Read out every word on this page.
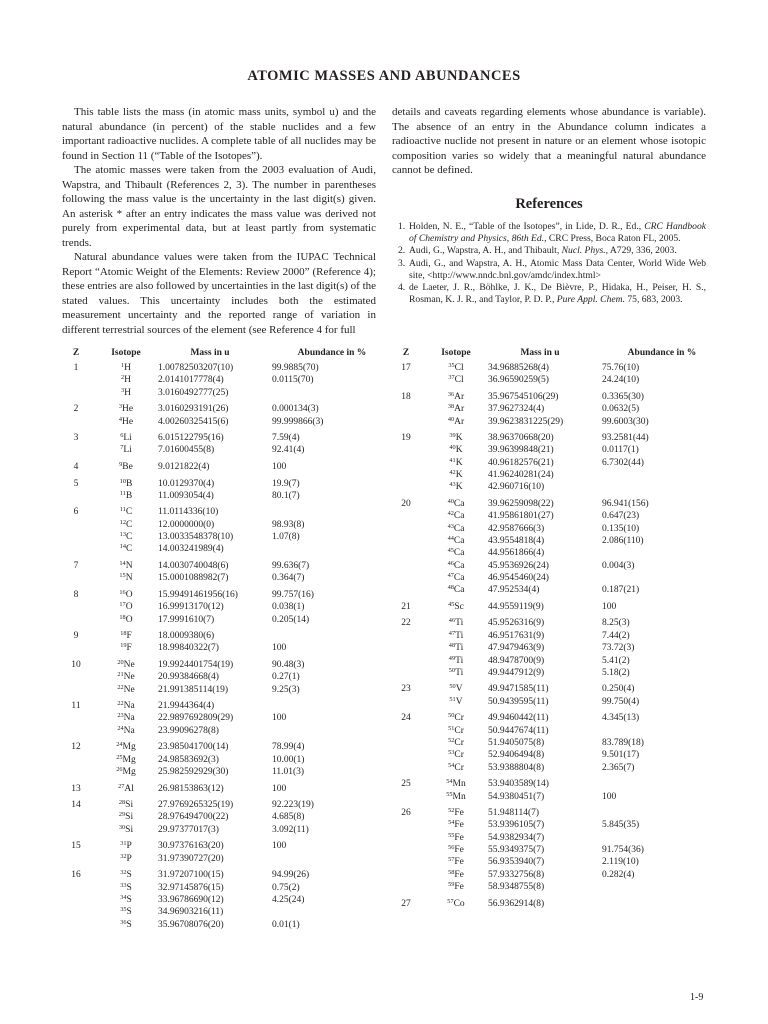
ATOMIC MASSES AND ABUNDANCES

This table lists the mass (in atomic mass units, symbol u) and the natural abundance (in percent) of the stable nuclides and a few important radioactive nuclides. A complete table of all nuclides may be found in Section 11 (“Table of the Isotopes”).

The atomic masses were taken from the 2003 evaluation of Audi, Wapstra, and Thibault (References 2, 3). The number in parentheses following the mass value is the uncertainty in the last digit(s) given. An asterisk * after an entry indicates the mass value was derived not purely from experimental data, but at least partly from systematic trends.

Natural abundance values were taken from the IUPAC Technical Report “Atomic Weight of the Elements: Review 2000” (Reference 4); these entries are also followed by uncertainties in the last digit(s) of the stated values. This uncertainty includes both the estimated measurement uncertainty and the reported range of variation in different terrestrial sources of the element (see Reference 4 for full

details and caveats regarding elements whose abundance is variable). The absence of an entry in the Abundance column indicates a radioactive nuclide not present in nature or an element whose isotopic composition varies so widely that a meaningful natural abundance cannot be defined.

References
1. Holden, N. E., “Table of the Isotopes”, in Lide, D. R., Ed., CRC Handbook of Chemistry and Physics, 86th Ed., CRC Press, Boca Raton FL, 2005.
2. Audi, G., Wapstra, A. H., and Thibault, Nucl. Phys., A729, 336, 2003.
3. Audi, G., and Wapstra, A. H., Atomic Mass Data Center, World Wide Web site, <http://www.nndc.bnl.gov/amdc/index.html>
4. de Laeter, J. R., Böhlke, J. K., De Bièvre, P., Hidaka, H., Peiser, H. S., Rosman, K. J. R., and Taylor, P. D. P., Pure Appl. Chem. 75, 683, 2003.
Z	Isotope	Mass in u	Abundance in %
1	$^1$H	1.00782503207(10)	99.9885(70)
$^2$H	2.0141017778(4)	0.0115(70)
$^3$H	3.0160492777(25)
2	$^3$He	3.0160293191(26)	0.000134(3)
$^4$He	4.00260325415(6)	99.999866(3)
3	$^6$Li	6.015122795(16)	7.59(4)
$^7$Li	7.01600455(8)	92.41(4)
4	$^9$Be	9.0121822(4)	100
5	$^{10}$B	10.0129370(4)	19.9(7)
$^{11}$B	11.0093054(4)	80.1(7)
6	$^{11}$C	11.0114336(10)
$^{12}$C	12.0000000(0)	98.93(8)
$^{13}$C	13.0033548378(10)	1.07(8)
$^{14}$C	14.003241989(4)
7	$^{14}$N	14.0030740048(6)	99.636(7)
$^{15}$N	15.0001088982(7)	0.364(7)
8	$^{16}$O	15.99491461956(16)	99.757(16)
$^{17}$O	16.99913170(12)	0.038(1)
$^{18}$O	17.9991610(7)	0.205(14)
9	$^{18}$F	18.0009380(6)
$^{19}$F	18.99840322(7)	100
10	$^{20}$Ne	19.9924401754(19)	90.48(3)
$^{21}$Ne	20.99384668(4)	0.27(1)
$^{22}$Ne	21.991385114(19)	9.25(3)
11	$^{22}$Na	21.9944364(4)
$^{23}$Na	22.9897692809(29)	100
$^{24}$Na	23.99096278(8)
12	$^{24}$Mg	23.985041700(14)	78.99(4)
$^{25}$Mg	24.98583692(3)	10.00(1)
$^{26}$Mg	25.982592929(30)	11.01(3)
13	$^{27}$Al	26.98153863(12)	100
14	$^{28}$Si	27.9769265325(19)	92.223(19)
$^{29}$Si	28.976494700(22)	4.685(8)
$^{30}$Si	29.97377017(3)	3.092(11)
15	$^{31}$P	30.97376163(20)	100
$^{32}$P	31.97390727(20)
16	$^{32}$S	31.97207100(15)	94.99(26)
$^{33}$S	32.97145876(15)	0.75(2)
$^{34}$S	33.96786690(12)	4.25(24)
$^{35}$S	34.96903216(11)
$^{36}$S	35.96708076(20)	0.01(1)
Z	Isotope	Mass in u	Abundance in %
17	$^{35}$Cl	34.96885268(4)	75.76(10)
$^{37}$Cl	36.96590259(5)	24.24(10)
18	$^{36}$Ar	35.967545106(29)	0.3365(30)
$^{38}$Ar	37.9627324(4)	0.0632(5)
$^{40}$Ar	39.9623831225(29)	99.6003(30)
19	$^{39}$K	38.96370668(20)	93.2581(44)
$^{40}$K	39.96399848(21)	0.0117(1)
$^{41}$K	40.96182576(21)	6.7302(44)
$^{42}$K	41.96240281(24)
$^{43}$K	42.960716(10)
20	$^{40}$Ca	39.96259098(22)	96.941(156)
$^{42}$Ca	41.95861801(27)	0.647(23)
$^{43}$Ca	42.9587666(3)	0.135(10)
$^{44}$Ca	43.9554818(4)	2.086(110)
$^{45}$Ca	44.9561866(4)
$^{46}$Ca	45.9536926(24)	0.004(3)
$^{47}$Ca	46.9545460(24)
$^{48}$Ca	47.952534(4)	0.187(21)
21	$^{45}$Sc	44.9559119(9)	100
22	$^{46}$Ti	45.9526316(9)	8.25(3)
$^{47}$Ti	46.9517631(9)	7.44(2)
$^{48}$Ti	47.9479463(9)	73.72(3)
$^{49}$Ti	48.9478700(9)	5.41(2)
$^{50}$Ti	49.9447912(9)	5.18(2)
23	$^{50}$V	49.9471585(11)	0.250(4)
$^{51}$V	50.9439595(11)	99.750(4)
24	$^{50}$Cr	49.9460442(11)	4.345(13)
$^{51}$Cr	50.9447674(11)
$^{52}$Cr	51.9405075(8)	83.789(18)
$^{53}$Cr	52.9406494(8)	9.501(17)
$^{54}$Cr	53.9388804(8)	2.365(7)
25	$^{54}$Mn	53.9403589(14)
$^{55}$Mn	54.9380451(7)	100
26	$^{52}$Fe	51.948114(7)
$^{54}$Fe	53.9396105(7)	5.845(35)
$^{55}$Fe	54.9382934(7)
$^{56}$Fe	55.9349375(7)	91.754(36)
$^{57}$Fe	56.9353940(7)	2.119(10)
$^{58}$Fe	57.9332756(8)	0.282(4)
$^{59}$Fe	58.9348755(8)
27	$^{57}$Co	56.9362914(8)
1-9
